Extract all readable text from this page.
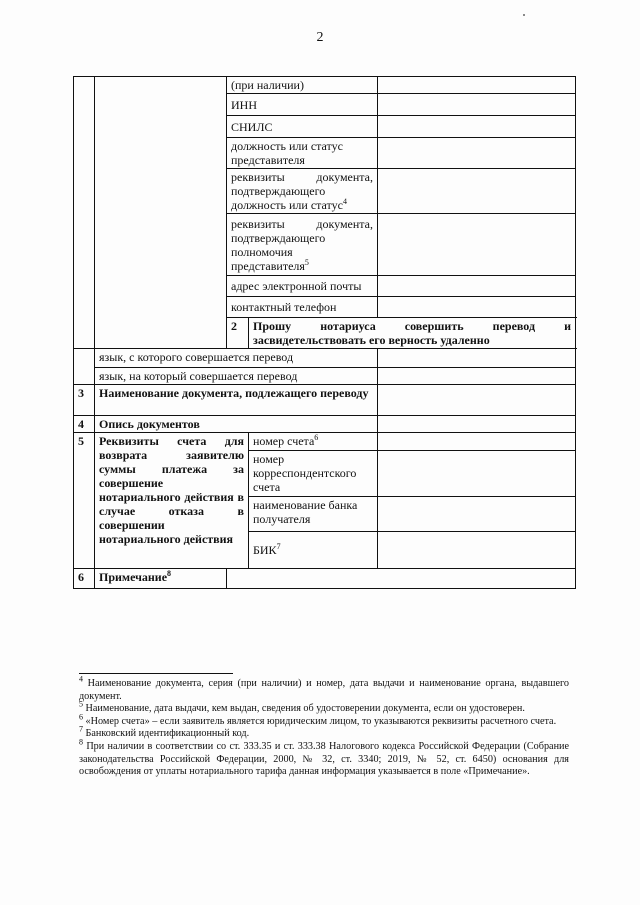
2
		(при наличии)		
		ИНН		
		СНИЛС		
		должность или статус представителя		
		реквизиты документа, подтверждающего должность или статус$^4$	
		реквизиты документа, подтверждающего полномочия представителя$^5$	
		адрес электронной почты		
		контактный телефон		
		2	Прошу нотариуса совершить перевод и засвидетельствовать его верность удаленно	
	язык, с которого совершается перевод			
	язык, на который совершается перевод			
3	Наименование документа, подлежащего переводу			
4	Опись документов			
5	Реквизиты счета для возврата заявителю суммы платежа за совершение нотариального действия в случае отказа в совершении нотариального действия		номер счета$^6$	
			номер корреспондентского счета	
			наименование банка получателя	
			БИК$^7$	
6	Примечание$^8$	

$^4$ Наименование документа, серия (при наличии) и номер, дата выдачи и наименование органа, выдавшего документ.

$^5$ Наименование, дата выдачи, кем выдан, сведения об удостоверении документа, если он удостоверен.

$^6$ «Номер счета» – если заявитель является юридическим лицом, то указываются реквизиты расчетного счета.

$^7$ Банковский идентификационный код.

$^8$ При наличии в соответствии со ст. 333.35 и ст. 333.38 Налогового кодекса Российской Федерации (Собрание законодательства Российской Федерации, 2000, № 32, ст. 3340; 2019, № 52, ст. 6450) основания для освобождения от уплаты нотариального тарифа данная информация указывается в поле «Примечание».
